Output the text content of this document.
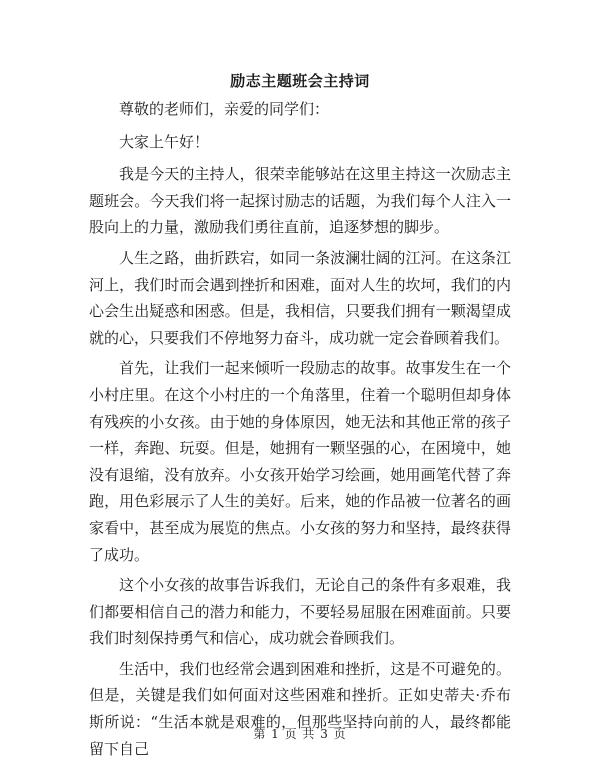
励志主题班会主持词

尊敬的老师们，亲爱的同学们：

大家上午好！

我是今天的主持人，很荣幸能够站在这里主持这一次励志主题班会。今天我们将一起探讨励志的话题，为我们每个人注入一股向上的力量，激励我们勇往直前，追逐梦想的脚步。

人生之路，曲折跌宕，如同一条波澜壮阔的江河。在这条江河上，我们时而会遇到挫折和困难，面对人生的坎坷，我们的内心会生出疑惑和困惑。但是，我相信，只要我们拥有一颗渴望成就的心，只要我们不停地努力奋斗，成功就一定会眷顾着我们。

首先，让我们一起来倾听一段励志的故事。故事发生在一个小村庄里。在这个小村庄的一个角落里，住着一个聪明但却身体有残疾的小女孩。由于她的身体原因，她无法和其他正常的孩子一样，奔跑、玩耍。但是，她拥有一颗坚强的心，在困境中，她没有退缩，没有放弃。小女孩开始学习绘画，她用画笔代替了奔跑，用色彩展示了人生的美好。后来，她的作品被一位著名的画家看中，甚至成为展览的焦点。小女孩的努力和坚持，最终获得了成功。

这个小女孩的故事告诉我们，无论自己的条件有多艰难，我们都要相信自己的潜力和能力，不要轻易屈服在困难面前。只要我们时刻保持勇气和信心，成功就会眷顾我们。

生活中，我们也经常会遇到困难和挫折，这是不可避免的。但是，关键是我们如何面对这些困难和挫折。正如史蒂夫·乔布斯所说：“生活本就是艰难的，但那些坚持向前的人，最终都能留下自己

第 1 页 共 3 页
